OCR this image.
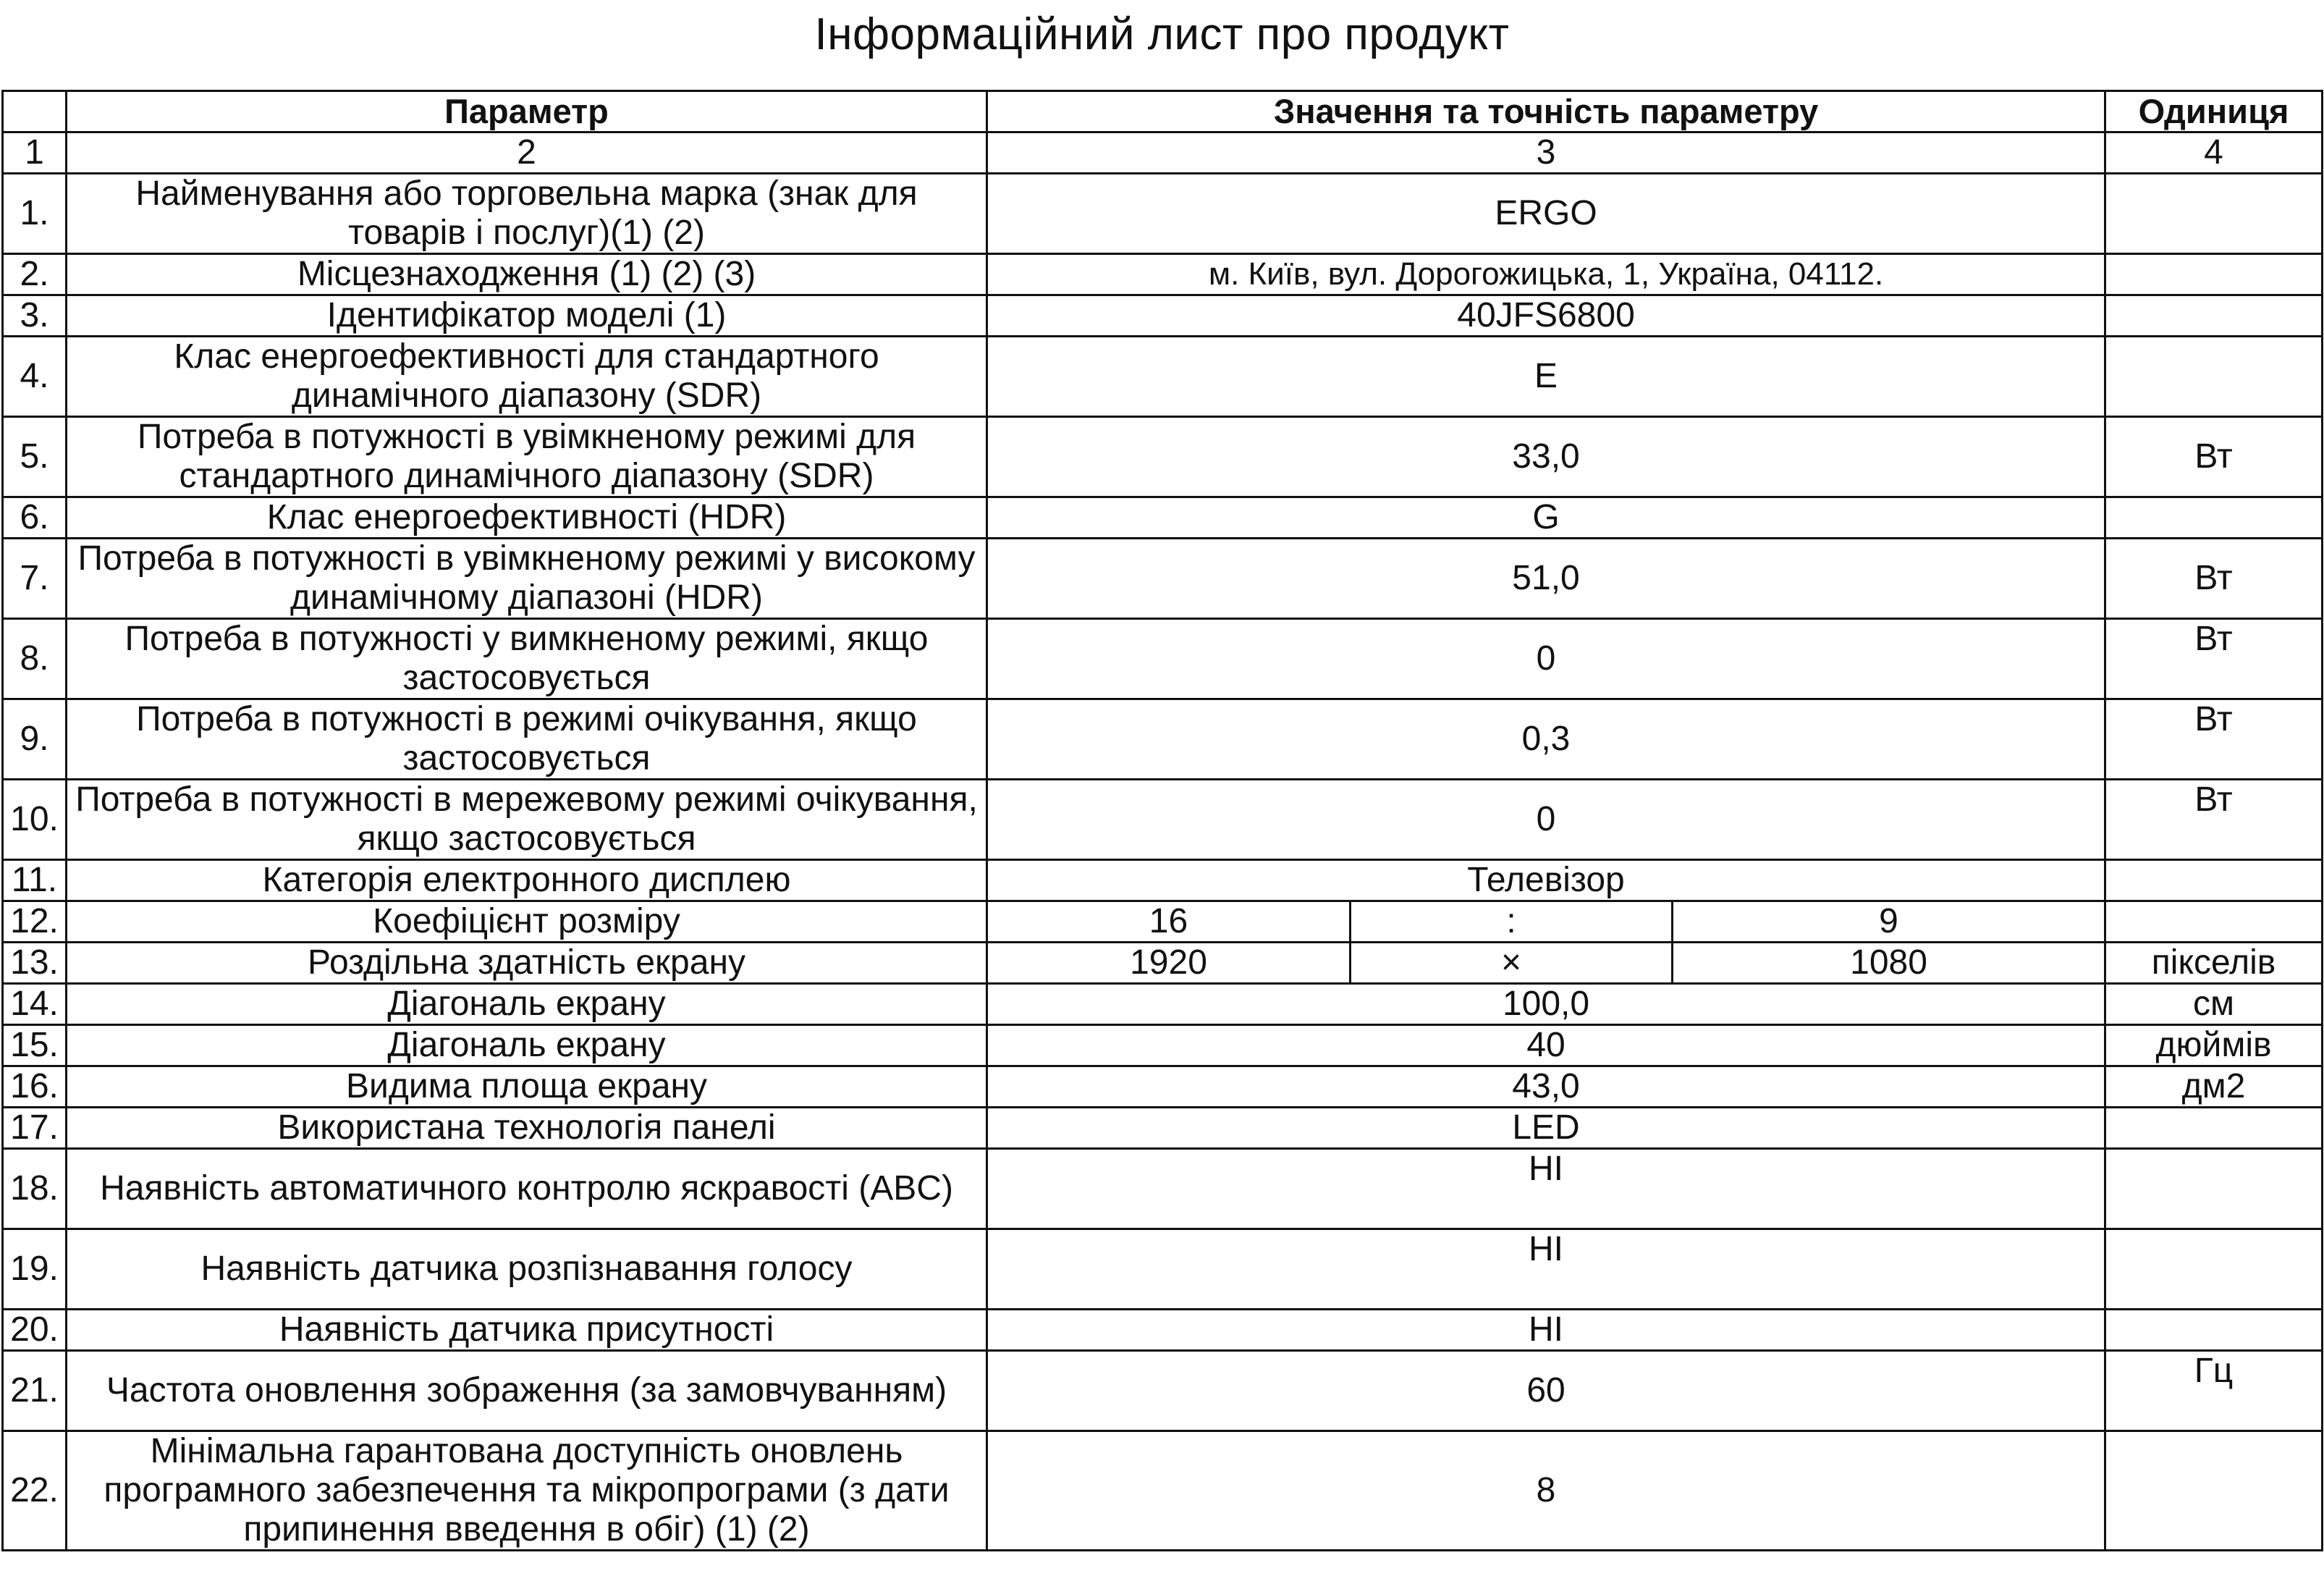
Інформаційний лист про продукт
	Параметр	Значення та точність параметру			Одиниця
1	2	3			4
1.	Найменування або торговельна марка (знак для товарів і послуг)(1) (2)	ERGO			
2.	Місцезнаходження (1) (2) (3)	м. Київ, вул. Дорогожицька, 1, Україна, 04112.			
3.	Ідентифікатор моделі (1)	40JFS6800			
4.	Клас енергоефективності для стандартного динамічного діапазону (SDR)	E			
5.	Потреба в потужності в увімкненому режимі для стандартного динамічного діапазону (SDR)	33,0			Вт
6.	Клас енергоефективності (HDR)	G			
7.	Потреба в потужності в увімкненому режимі у високому динамічному діапазоні (HDR)	51,0			Вт
8.	Потреба в потужності у вимкненому режимі, якщо застосовується	0			Вт
9.	Потреба в потужності в режимі очікування, якщо застосовується	0,3			Вт
10.	Потреба в потужності в мережевому режимі очікування, якщо застосовується	0			Вт
11.	Категорія електронного дисплею	Телевізор			
12.	Коефіцієнт розміру	16	:	9	
13.	Роздільна здатність екрану	1920	×	1080	пікселів
14.	Діагональ екрану	100,0			см
15.	Діагональ екрану	40			дюймів
16.	Видима площа екрану	43,0			дм2
17.	Використана технологія панелі	LED			
18.	Наявність автоматичного контролю яскравості (ABC)	НІ			
19.	Наявність датчика розпізнавання голосу	НІ			
20.	Наявність датчика присутності	НІ			
21.	Частота оновлення зображення (за замовчуванням)	60			Гц
22.	Мінімальна гарантована доступність оновлень програмного забезпечення та мікропрограми (з дати припинення введення в обіг) (1) (2)	8			
